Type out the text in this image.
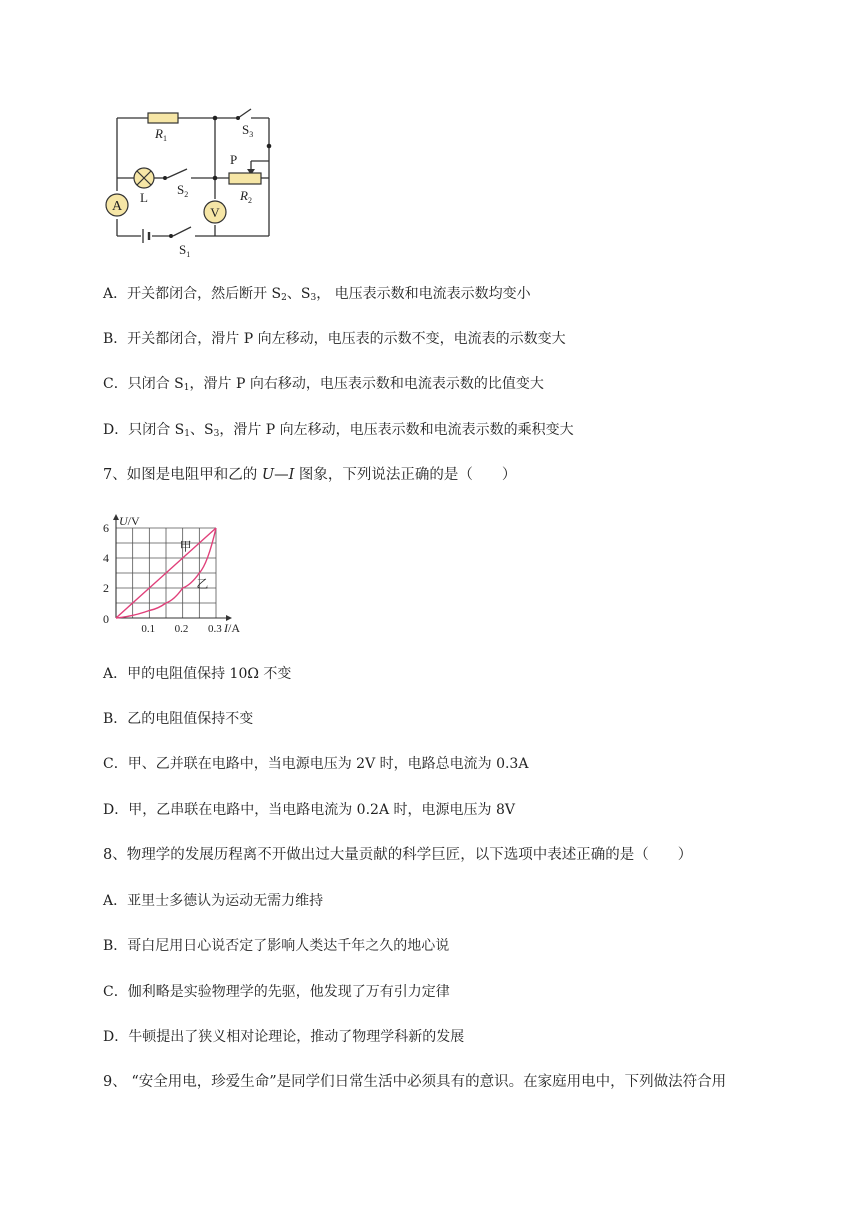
A	V
$R_1$
$R_2$
$S_3$
$S_2$
$S_1$
P
L
A．开关都闭合，然后断开 $S_2$、$S_3$， 电压表示数和电流表示数均变小
B．开关都闭合，滑片 P 向左移动，电压表的示数不变，电流表的示数变大
C．只闭合 $S_1$，滑片 P 向右移动，电压表示数和电流表示数的比值变大
D．只闭合 $S_1$、$S_3$，滑片 P 向左移动，电压表示数和电流表示数的乘积变大
7、如图是电阻甲和乙的 U—I 图象，下列说法正确的是（　　）
甲
乙
0.1 0.2 0.3
2
4
6
0
I/A
U/V
A．甲的电阻值保持 10Ω 不变
B．乙的电阻值保持不变
C．甲、乙并联在电路中，当电源电压为 2V 时，电路总电流为 0.3A
D．甲，乙串联在电路中，当电路电流为 0.2A 时，电源电压为 8V
8、物理学的发展历程离不开做出过大量贡献的科学巨匠，以下选项中表述正确的是（　　）
A．亚里士多德认为运动无需力维持
B．哥白尼用日心说否定了影响人类达千年之久的地心说
C．伽利略是实验物理学的先驱，他发现了万有引力定律
D．牛顿提出了狭义相对论理论，推动了物理学科新的发展
9、 “安全用电，珍爱生命”是同学们日常生活中必须具有的意识。在家庭用电中，下列做法符合用
